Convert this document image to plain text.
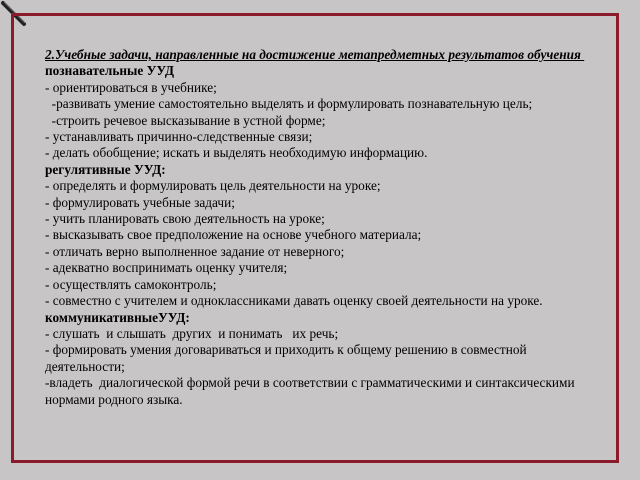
2.Учебные задачи, направленные на достижение метапредметных результатов обучения
познавательные УУД
- ориентироваться в учебнике;
-развивать умение самостоятельно выделять и формулировать познавательную цель;
-строить речевое высказывание в устной форме;
- устанавливать причинно-следственные связи;
- делать обобщение; искать и выделять необходимую информацию.
регулятивные УУД:
- определять и формулировать цель деятельности на уроке;
- формулировать учебные задачи;
- учить планировать свою деятельность на уроке;
- высказывать свое предположение на основе учебного материала;
- отличать верно выполненное задание от неверного;
- адекватно воспринимать оценку учителя;
- осуществлять самоконтроль;
- совместно с учителем и одноклассниками давать оценку своей деятельности на уроке.
коммуникативныеУУД:
- слушать  и слышать  других  и понимать   их речь;
- формировать умения договариваться и приходить к общему решению в совместной деятельности;
-владеть  диалогической формой речи в соответствии с грамматическими и синтаксическими    нормами родного языка.
